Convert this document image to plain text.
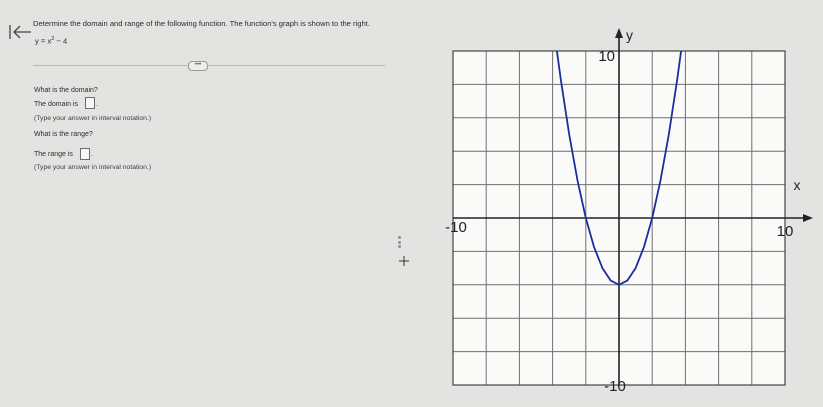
Determine the domain and range of the following function. The function's graph is shown to the right.
$y = x^2 - 4$
•••
What is the domain?
The domain is	.
(Type your answer in interval notation.)
What is the range?
The range is	.
(Type your answer in interval notation.)
y
x
10
-10	10
-10
